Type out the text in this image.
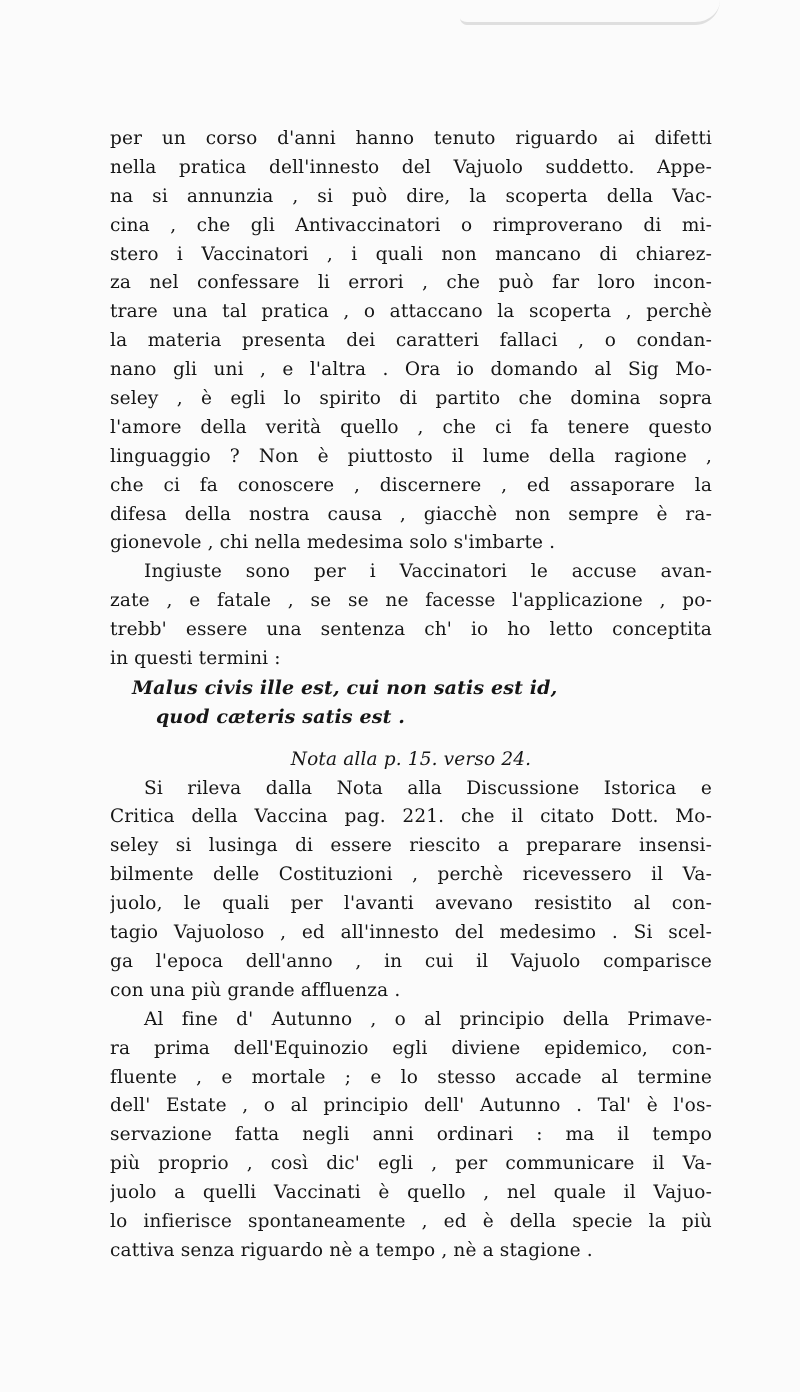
per un corso d'anni hanno tenuto riguardo ai difetti
nella pratica dell'innesto del Vajuolo suddetto. Appe-
na si annunzia , si può dire, la scoperta della Vac-
cina , che gli Antivaccinatori o rimproverano di mi-
stero i Vaccinatori , i quali non mancano di chiarez-
za nel confessare li errori , che può far loro incon-
trare una tal pratica , o attaccano la scoperta , perchè
la materia presenta dei caratteri fallaci , o condan-
nano gli uni , e l'altra . Ora io domando al Sig Mo-
seley , è egli lo spirito di partito che domina sopra
l'amore della verità quello , che ci fa tenere questo
linguaggio ? Non è piuttosto il lume della ragione ,
che ci fa conoscere , discernere , ed assaporare la
difesa della nostra causa , giacchè non sempre è ra-
gionevole , chi nella medesima solo s'imbarte .
Ingiuste sono per i Vaccinatori le accuse avan-
zate , e fatale , se se ne facesse l'applicazione , po-
trebb' essere una sentenza ch' io ho letto conceptita
in questi termini :
Malus civis ille est, cui non satis est id,
quod cæteris satis est .
Nota alla p. 15. verso 24.
Si rileva dalla Nota alla Discussione Istorica e
Critica della Vaccina pag. 221. che il citato Dott. Mo-
seley si lusinga di essere riescito a preparare insensi-
bilmente delle Costituzioni , perchè ricevessero il Va-
juolo, le quali per l'avanti avevano resistito al con-
tagio Vajuoloso , ed all'innesto del medesimo . Si scel-
ga l'epoca dell'anno , in cui il Vajuolo comparisce
con una più grande affluenza .
Al fine d' Autunno , o al principio della Primave-
ra prima dell'Equinozio egli diviene epidemico, con-
fluente , e mortale ; e lo stesso accade al termine
dell' Estate , o al principio dell' Autunno . Tal' è l'os-
servazione fatta negli anni ordinari : ma il tempo
più proprio , così dic' egli , per communicare il Va-
juolo a quelli Vaccinati è quello , nel quale il Vajuo-
lo infierisce spontaneamente , ed è della specie la più
cattiva senza riguardo nè a tempo , nè a stagione .
